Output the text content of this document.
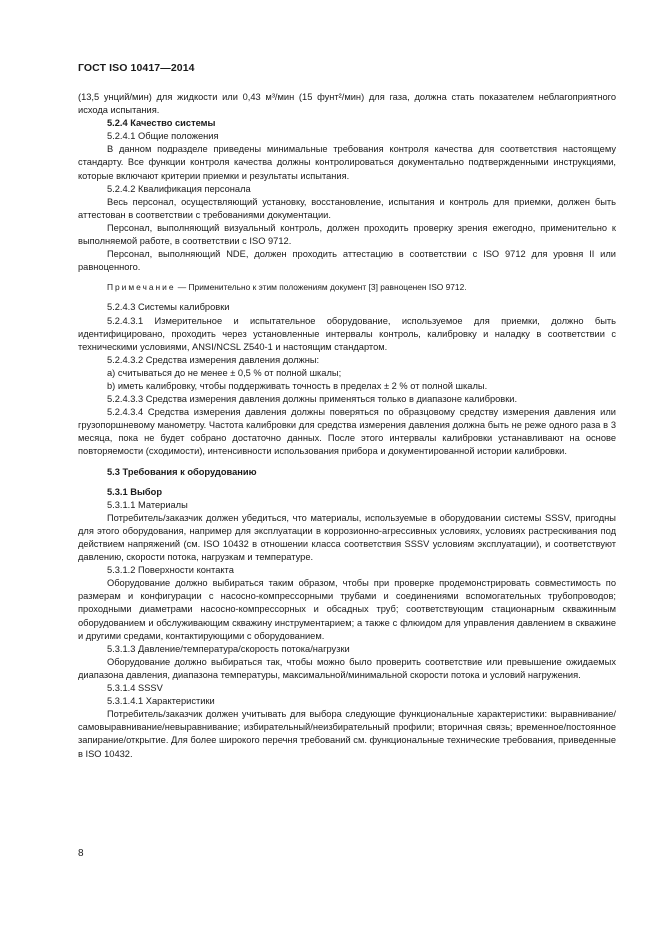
ГОСТ ISO 10417—2014

(13,5 унций/мин) для жидкости или 0,43 м³/мин (15 фунт²/мин) для газа, должна стать показателем неблагоприятного исхода испытания.

5.2.4 Качество системы

5.2.4.1 Общие положения

В данном подразделе приведены минимальные требования контроля качества для соответствия настоящему стандарту. Все функции контроля качества должны контролироваться документально подтвержденными инструкциями, которые включают критерии приемки и результаты испытания.

5.2.4.2 Квалификация персонала

Весь персонал, осуществляющий установку, восстановление, испытания и контроль для приемки, должен быть аттестован в соответствии с требованиями документации.

Персонал, выполняющий визуальный контроль, должен проходить проверку зрения ежегодно, применительно к выполняемой работе, в соответствии с ISO 9712.

Персонал, выполняющий NDE, должен проходить аттестацию в соответствии с ISO 9712 для уровня II или равноценного.

Примечание — Применительно к этим положениям документ [3] равноценен ISO 9712.

5.2.4.3 Системы калибровки

5.2.4.3.1 Измерительное и испытательное оборудование, используемое для приемки, должно быть идентифицировано, проходить через установленные интервалы контроль, калибровку и наладку в соответствии с техническими условиями, ANSI/NCSL Z540-1 и настоящим стандартом.

5.2.4.3.2 Средства измерения давления должны:

a) считываться до не менее ± 0,5 % от полной шкалы;

b) иметь калибровку, чтобы поддерживать точность в пределах ± 2 % от полной шкалы.

5.2.4.3.3 Средства измерения давления должны применяться только в диапазоне калибровки.

5.2.4.3.4 Средства измерения давления должны поверяться по образцовому средству измерения давления или грузопоршневому манометру. Частота калибровки для средства измерения давления должна быть не реже одного раза в 3 месяца, пока не будет собрано достаточно данных. После этого интервалы калибровки устанавливают на основе повторяемости (сходимости), интенсивности использования прибора и документированной истории калибровки.

5.3 Требования к оборудованию

5.3.1 Выбор

5.3.1.1 Материалы

Потребитель/заказчик должен убедиться, что материалы, используемые в оборудовании системы SSSV, пригодны для этого оборудования, например для эксплуатации в коррозионно-агрессивных условиях, условиях растрескивания под действием напряжений (см. ISO 10432 в отношении класса соответствия SSSV условиям эксплуатации), и соответствуют давлению, скорости потока, нагрузкам и температуре.

5.3.1.2 Поверхности контакта

Оборудование должно выбираться таким образом, чтобы при проверке продемонстрировать совместимость по размерам и конфигурации с насосно-компрессорными трубами и соединениями вспомогательных трубопроводов; проходными диаметрами насосно-компрессорных и обсадных труб; соответствующим стационарным скважинным оборудованием и обслуживающим скважину инструментарием; а также с флюидом для управления давлением в скважине и другими средами, контактирующими с оборудованием.

5.3.1.3 Давление/температура/скорость потока/нагрузки

Оборудование должно выбираться так, чтобы можно было проверить соответствие или превышение ожидаемых диапазона давления, диапазона температуры, максимальной/минимальной скорости потока и условий нагружения.

5.3.1.4 SSSV

5.3.1.4.1 Характеристики

Потребитель/заказчик должен учитывать для выбора следующие функциональные характеристики: выравнивание/самовыравнивание/невыравнивание; избирательный/неизбирательный профили; вторичная связь; временное/постоянное запирание/открытие. Для более широкого перечня требований см. функциональные технические требования, приведенные в ISO 10432.

8
